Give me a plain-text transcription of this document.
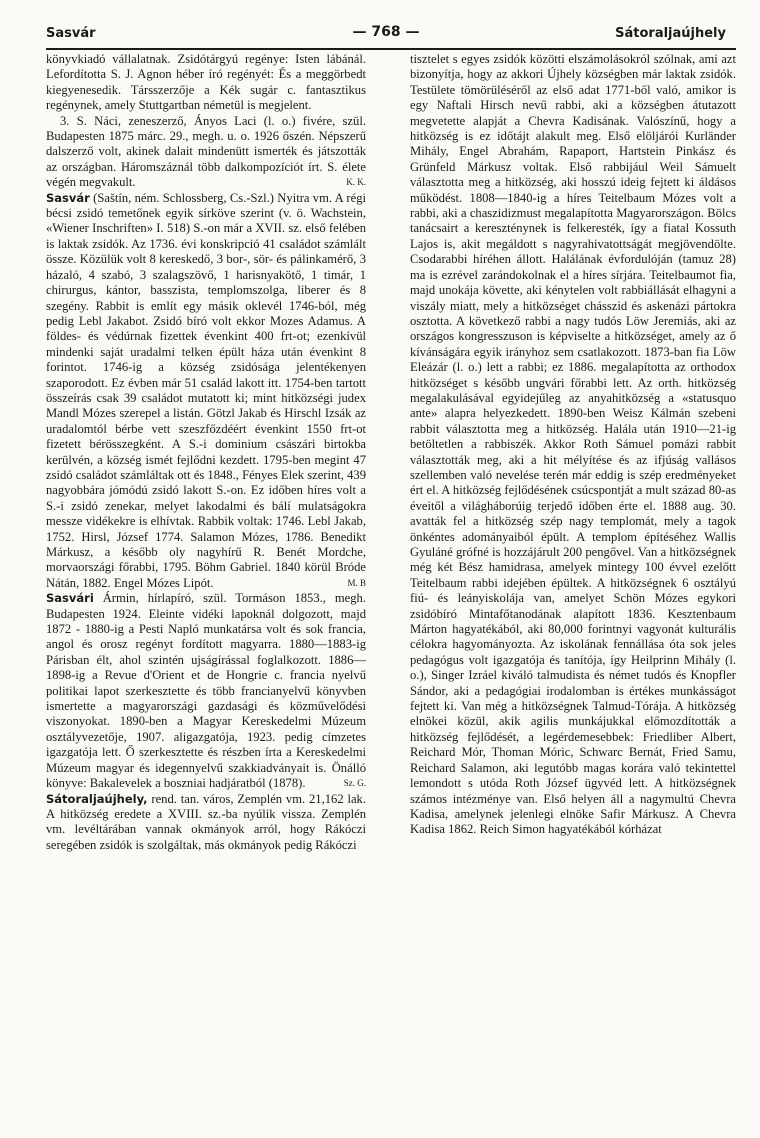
Sasvár	— 768 —	Sátoraljaújhely

könyvkiadó vállalatnak. Zsidótárgyú regénye: Isten lábánál. Lefordította S. J. Agnon héber író regényét: És a meggörbedt kiegyenesedik. Társszerzője a Kék sugár c. fantasztikus regénynek, amely Stuttgartban németül is megjelent.

3. S. Náci, zeneszerző, Ányos Laci (l. o.) fivére, szül. Budapesten 1875 márc. 29., megh. u. o. 1926 őszén. Népszerű dalszerző volt, akinek dalait mindenütt ismerték és játszották az országban. Háromszáznál több dalkompozíciót írt. S. élete végén megvakult.	K. K.

Sasvár (Saštín, ném. Schlossberg, Cs.-Szl.) Nyitra vm. A régi bécsi zsidó temetőnek egyik sírköve szerint (v. ö. Wachstein, «Wiener Inschriften» I. 518) S.-on már a XVII. sz. első felében is laktak zsidók. Az 1736. évi konskripció 41 családot számlált össze. Közülük volt 8 kereskedő, 3 bor-, sör- és pálinkamérő, 3 házaló, 4 szabó, 3 szalagszövő, 1 harisnyakötő, 1 timár, 1 chirurgus, kántor, basszista, templomszolga, liberer és 8 szegény. Rabbit is említ egy másik oklevél 1746-ból, még pedig Lebl Jakabot. Zsidó bíró volt ekkor Mozes Adamus. A földes- és védúrnak fizettek évenkint 400 frt-ot; ezenkívül mindenki saját uradalmi telken épült háza után évenkint 8 forintot. 1746-ig a község zsidósága jelentékenyen szaporodott. Ez évben már 51 család lakott itt. 1754-ben tartott összeírás csak 39 családot mutatott ki; mint hitközségi judex Mandl Mózes szerepel a listán. Götzl Jakab és Hirschl Izsák az uradalomtól bérbe vett szeszfőzdéért évenkint 1550 frt-ot fizetett bérösszegként. A S.-i dominium császári birtokba kerülvén, a község ismét fejlődni kezdett. 1795-ben megint 47 zsidó családot számláltak ott és 1848., Fényes Elek szerint, 439 nagyobbára jómódú zsidó lakott S.-on. Ez időben híres volt a S.-i zsidó zenekar, melyet lakodalmi és bálí mulatságokra messze vidékekre is elhívtak. Rabbik voltak: 1746. Lebl Jakab, 1752. Hirsl, József 1774. Salamon Mózes, 1786. Benedikt Márkusz, a később oly nagyhírű R. Benét Mordche, morvaországi főrabbi, 1795. Böhm Gabriel. 1840 körül Bróde Nátán, 1882. Engel Mózes Lipót.	M. B

Sasvári Ármin, hírlapíró, szül. Tormáson 1853., megh. Budapesten 1924. Eleinte vidéki lapoknál dolgozott, majd 1872 - 1880-ig a Pesti Napló munkatársa volt és sok francia, angol és orosz regényt fordított magyarra. 1880—1883-ig Párisban élt, ahol szintén ujságírással foglalkozott. 1886—1898-ig a Revue d'Orient et de Hongrie c. francia nyelvű politikai lapot szerkesztette és több francianyelvű könyvben ismertette a magyarországi gazdasági és közművelődési viszonyokat. 1890-ben a Magyar Kereskedelmi Múzeum osztályvezetője, 1907. aligazgatója, 1923. pedig címzetes igazgatója lett. Ő szerkesztette és részben írta a Kereskedelmi Múzeum magyar és idegennyelvű szakkiadványait is. Önálló könyve: Bakalevelek a boszniai hadjáratból (1878).	Sz. G.

Sátoraljaújhely, rend. tan. város, Zemplén vm. 21,162 lak. A hitközség eredete a XVIII. sz.-ba nyúlik vissza. Zemplén vm. levéltárában vannak okmányok arról, hogy Rákóczi seregében zsidók is szolgáltak, más okmányok pedig Rákóczi

tisztelet s egyes zsidók közötti elszámolásokról szólnak, ami azt bizonyítja, hogy az akkori Újhely községben már laktak zsidók. Testülete tömörüléséről az első adat 1771-ből való, amikor is egy Naftali Hirsch nevű rabbi, aki a községben átutazott megvetette alapját a Chevra Kadisának. Valószínű, hogy a hitközség is ez időtájt alakult meg. Első elöljárói Kurländer Mihály, Engel Abrahám, Rapaport, Hartstein Pinkász és Grünfeld Márkusz voltak. Első rabbijául Weil Sámuelt választotta meg a hitközség, aki hosszú ideig fejtett ki áldásos működést. 1808—1840-ig a híres Teitelbaum Mózes volt a rabbi, aki a chaszidizmust megalapította Magyarországon. Bölcs tanácsairt a kereszténynek is felkeresték, így a fiatal Kossuth Lajos is, akit megáldott s nagyrahivatottságát megjövendölte. Csodarabbi híréhen állott. Halálának évfordulóján (tamuz 28) ma is ezrével zarándokolnak el a híres sírjára. Teitelbaumot fia, majd unokája követte, aki kénytelen volt rabbiállását elhagyni a viszály miatt, mely a hitközséget chásszid és askenázi pártokra osztotta. A következő rabbi a nagy tudós Löw Jeremiás, aki az országos kongresszuson is képviselte a hitközséget, amely az ő kívánságára egyik irányhoz sem csatlakozott. 1873-ban fia Löw Eleázár (l. o.) lett a rabbi; ez 1886. megalapította az orthodox hitközséget s később ungvári főrabbi lett. Az orth. hitközség megalakulásával egyidejűleg az anyahitközség a «statusquo ante» alapra helyezkedett. 1890-ben Weisz Kálmán szebeni rabbit választotta meg a hitközség. Halála után 1910—21-ig betöltetlen a rabbiszék. Akkor Roth Sámuel pomázi rabbit választották meg, aki a hit mélyítése és az ifjúság vallásos szellemben való nevelése terén már eddig is szép eredményeket ért el. A hitközség fejlődésének csúcspontját a mult század 80-as éveitől a világháborúig terjedő időben érte el. 1888 aug. 30. avatták fel a hitközség szép nagy templomát, mely a tagok önkéntes adományaiból épült. A templom építéséhez Wallis Gyuláné grófné is hozzájárult 200 pengővel. Van a hitközségnek még két Bész hamidrasa, amelyek mintegy 100 évvel ezelőtt Teitelbaum rabbi idejében épültek. A hitközségnek 6 osztályú fiú- és leányiskolája van, amelyet Schön Mózes egykori zsidóbíró Mintafőtanodának alapított 1836. Kesztenbaum Márton hagyatékából, aki 80,000 forintnyi vagyonát kulturális célokra hagyományozta. Az iskolának fennállása óta sok jeles pedagógus volt igazgatója és tanítója, így Heilprinn Mihály (l. o.), Singer Izráel kiváló talmudista és német tudós és Knopfler Sándor, aki a pedagógiai irodalomban is értékes munkásságot fejtett ki. Van még a hitközségnek Talmud-Tórája. A hitközség elnökei közül, akik agilis munkájukkal előmozdították a hitközség fejlődését, a legérdemesebbek: Friedliber Albert, Reichard Mór, Thoman Móric, Schwarc Bernát, Fried Samu, Reichard Salamon, aki legutóbb magas korára való tekintettel lemondott s utóda Roth József ügyvéd lett. A hitközségnek számos intézménye van. Első helyen áll a nagymultú Chevra Kadisa, amelynek jelenlegi elnöke Safir Márkusz. A Chevra Kadisa 1862. Reich Simon hagyatékából kórházat
